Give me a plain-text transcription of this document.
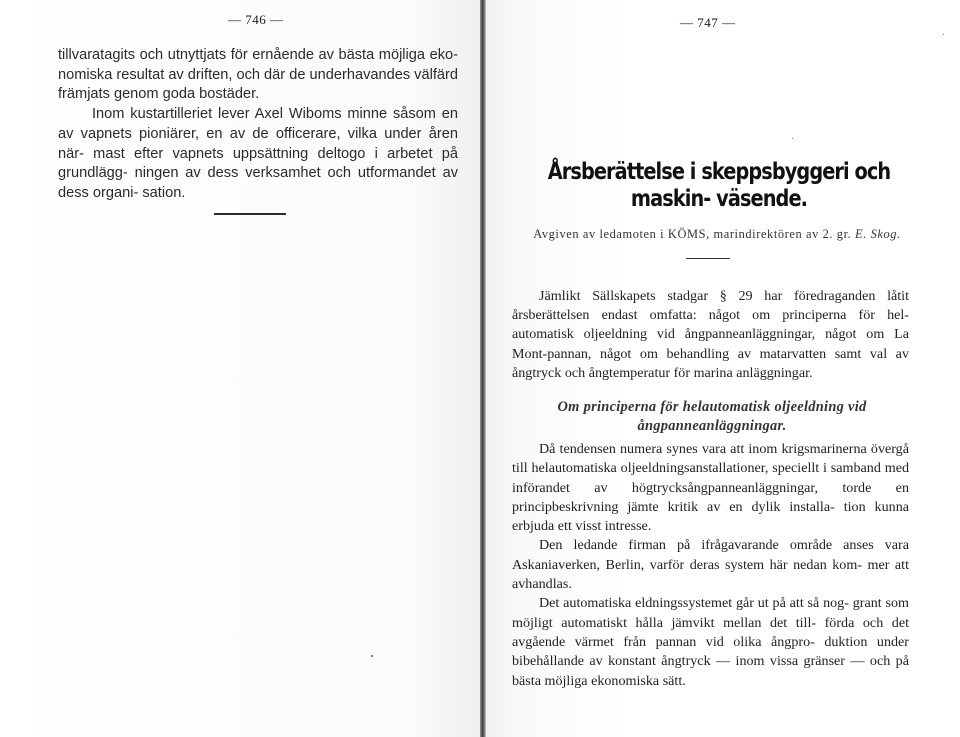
— 746 —

tillvaratagits och utnyttjats för ernående av bästa möjliga eko- nomiska resultat av driften, och där de underhavandes välfärd främjats genom goda bostäder.

Inom kustartilleriet lever Axel Wiboms minne såsom en av vapnets pioniärer, en av de officerare, vilka under åren när- mast efter vapnets uppsättning deltogo i arbetet på grundlägg- ningen av dess verksamhet och utformandet av dess organi- sation.

— 747 —

Årsberättelse i skeppsbyggeri och maskin- väsende.

Avgiven av ledamoten i KÖMS, marindirektören av 2. gr. E. Skog.

Jämlikt Sällskapets stadgar § 29 har föredraganden låtit årsberättelsen endast omfatta: något om principerna för hel- automatisk oljeeldning vid ångpanneanläggningar, något om La Mont-pannan, något om behandling av matarvatten samt val av ångtryck och ångtemperatur för marina anläggningar.

Om principerna för helautomatisk oljeeldning vid ångpanneanläggningar.

Då tendensen numera synes vara att inom krigsmarinerna övergå till helautomatiska oljeeldningsanstallationer, speciellt i samband med införandet av högtrycksångpanneanläggningar, torde en principbeskrivning jämte kritik av en dylik installa- tion kunna erbjuda ett visst intresse.

Den ledande firman på ifrågavarande område anses vara Askaniaverken, Berlin, varför deras system här nedan kom- mer att avhandlas.

Det automatiska eldningssystemet går ut på att så nog- grant som möjligt automatiskt hålla jämvikt mellan det till- förda och det avgående värmet från pannan vid olika ångpro- duktion under bibehållande av konstant ångtryck — inom vissa gränser — och på bästa möjliga ekonomiska sätt.
